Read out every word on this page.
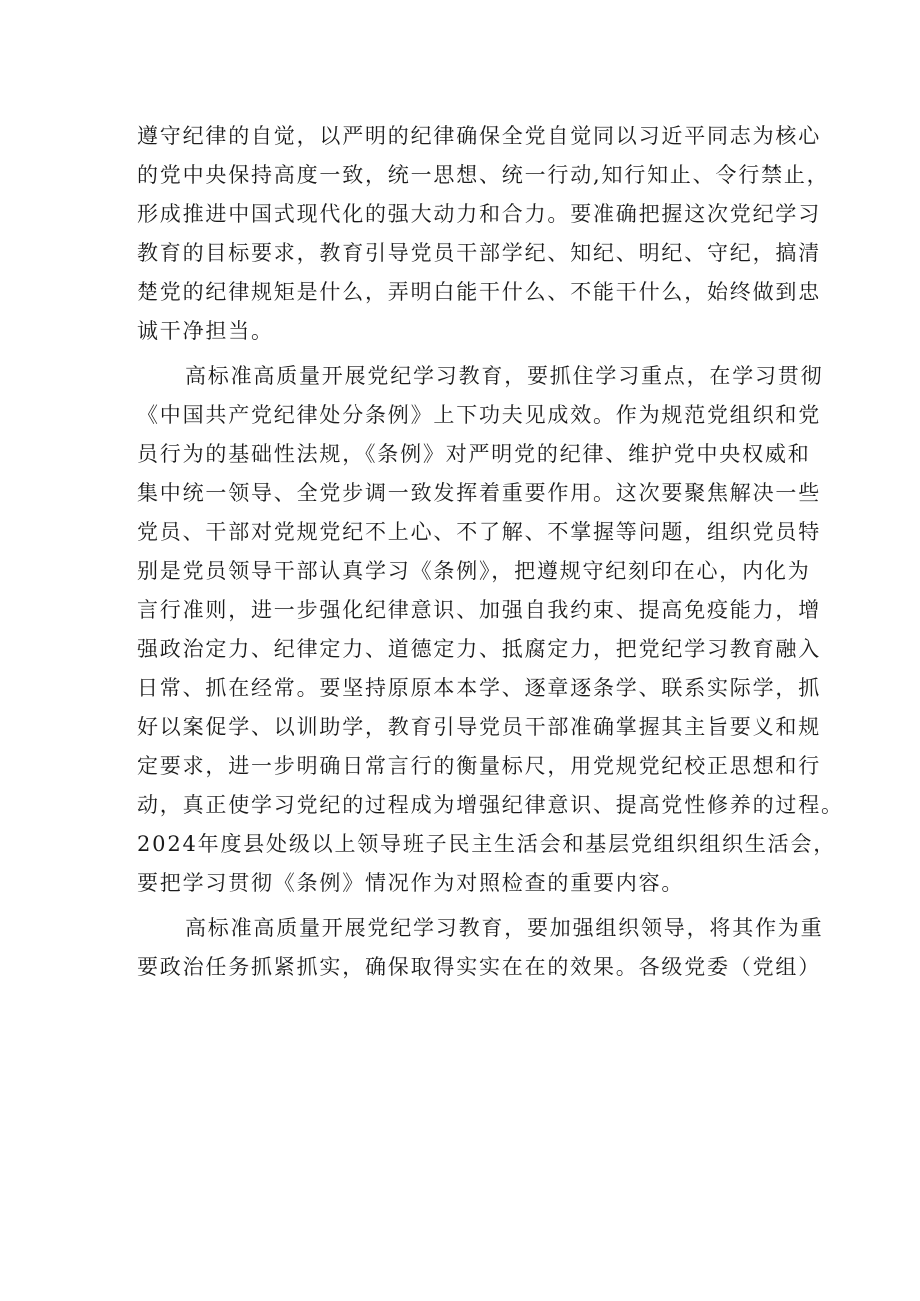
遵守纪律的自觉，以严明的纪律确保全党自觉同以习近平同志为核心
的党中央保持高度一致，统一思想、统一行动,知行知止、令行禁止，
形成推进中国式现代化的强大动力和合力。要准确把握这次党纪学习
教育的目标要求，教育引导党员干部学纪、知纪、明纪、守纪，搞清
楚党的纪律规矩是什么，弄明白能干什么、不能干什么，始终做到忠
诚干净担当。
高标准高质量开展党纪学习教育，要抓住学习重点，在学习贯彻
《中国共产党纪律处分条例》上下功夫见成效。作为规范党组织和党
员行为的基础性法规，《条例》对严明党的纪律、维护党中央权威和
集中统一领导、全党步调一致发挥着重要作用。这次要聚焦解决一些
党员、干部对党规党纪不上心、不了解、不掌握等问题，组织党员特
别是党员领导干部认真学习《条例》，把遵规守纪刻印在心，内化为
言行准则，进一步强化纪律意识、加强自我约束、提高免疫能力，增
强政治定力、纪律定力、道德定力、抵腐定力，把党纪学习教育融入
日常、抓在经常。要坚持原原本本学、逐章逐条学、联系实际学，抓
好以案促学、以训助学，教育引导党员干部准确掌握其主旨要义和规
定要求，进一步明确日常言行的衡量标尺，用党规党纪校正思想和行
动，真正使学习党纪的过程成为增强纪律意识、提高党性修养的过程。
2024年度县处级以上领导班子民主生活会和基层党组织组织生活会，
要把学习贯彻《条例》情况作为对照检查的重要内容。
高标准高质量开展党纪学习教育，要加强组织领导，将其作为重
要政治任务抓紧抓实，确保取得实实在在的效果。各级党委（党组）
